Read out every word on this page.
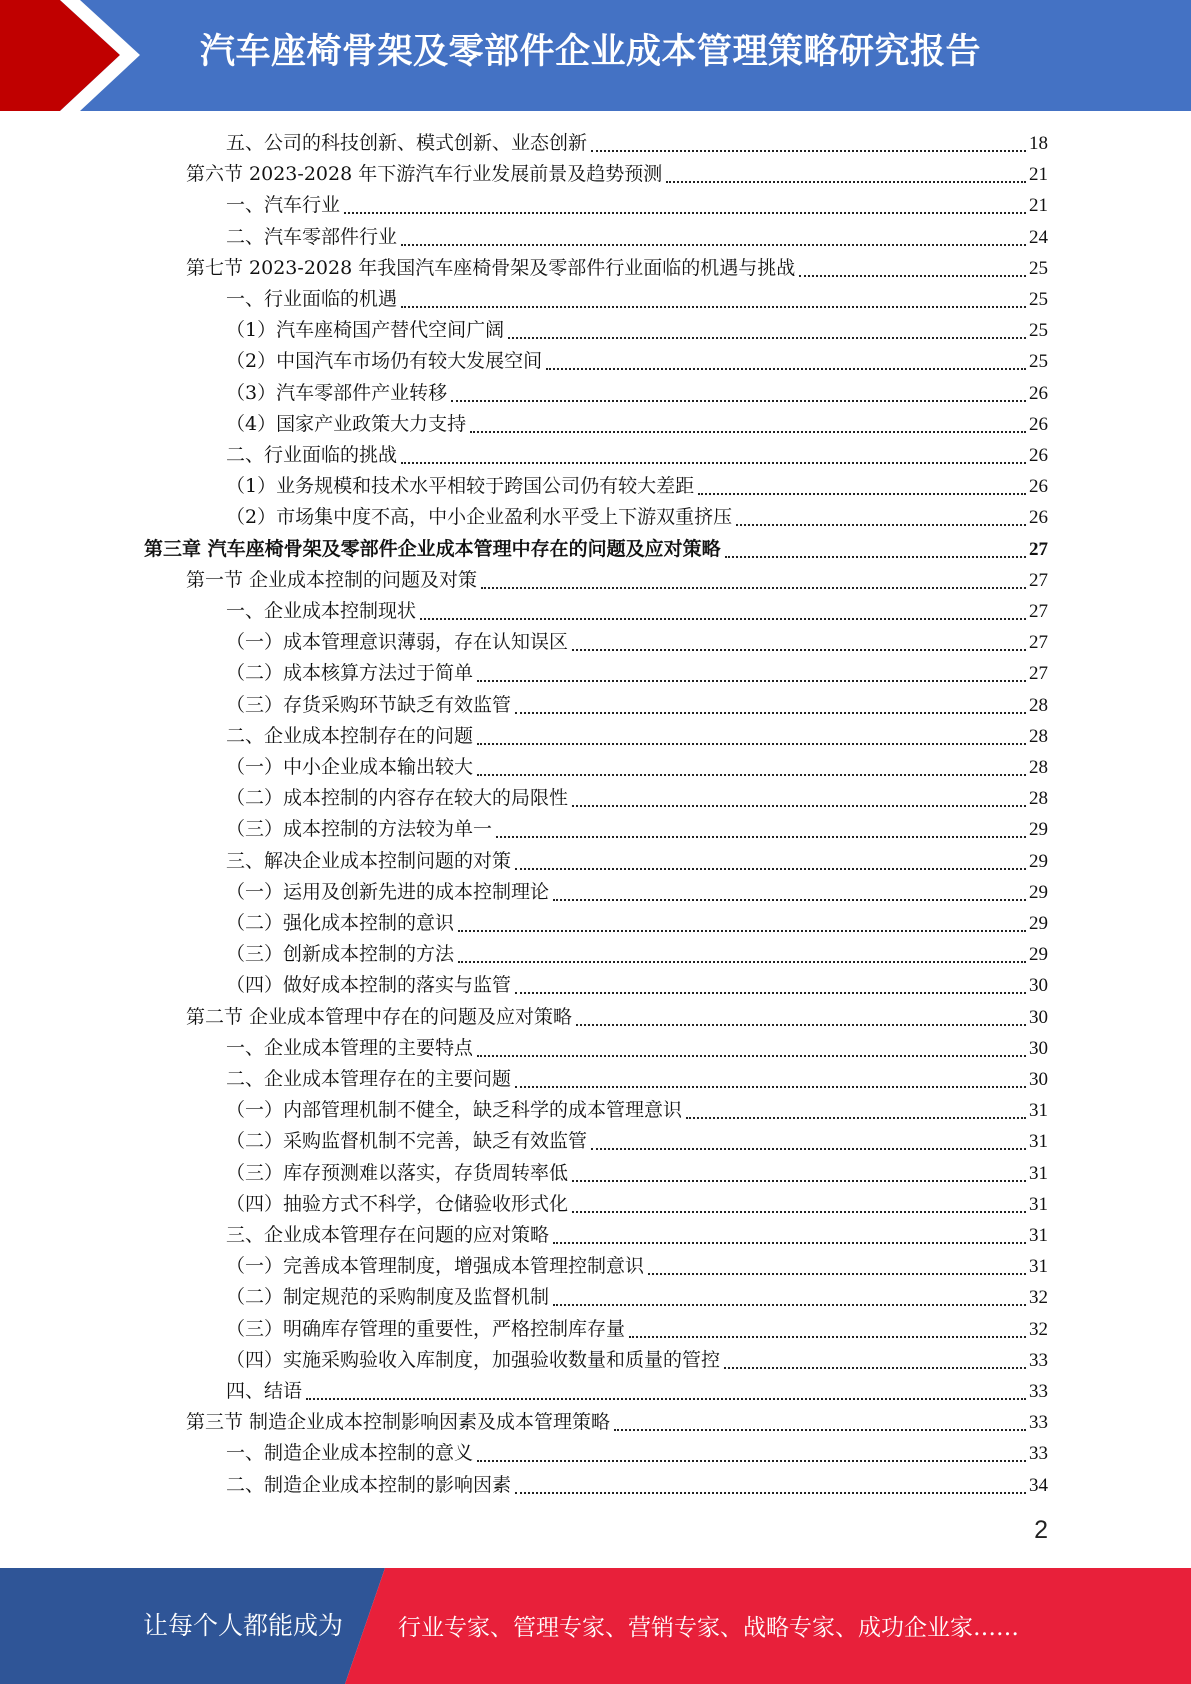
汽车座椅骨架及零部件企业成本管理策略研究报告
五、公司的科技创新、模式创新、业态创新	18
第六节 2023-2028 年下游汽车行业发展前景及趋势预测	21
一、汽车行业	21
二、汽车零部件行业	24
第七节 2023-2028 年我国汽车座椅骨架及零部件行业面临的机遇与挑战	25
一、行业面临的机遇	25
（1）汽车座椅国产替代空间广阔	25
（2）中国汽车市场仍有较大发展空间	25
（3）汽车零部件产业转移	26
（4）国家产业政策大力支持	26
二、行业面临的挑战	26
（1）业务规模和技术水平相较于跨国公司仍有较大差距	26
（2）市场集中度不高，中小企业盈利水平受上下游双重挤压	26
第三章 汽车座椅骨架及零部件企业成本管理中存在的问题及应对策略	27
第一节 企业成本控制的问题及对策	27
一、企业成本控制现状	27
（一）成本管理意识薄弱，存在认知误区	27
（二）成本核算方法过于简单	27
（三）存货采购环节缺乏有效监管	28
二、企业成本控制存在的问题	28
（一）中小企业成本输出较大	28
（二）成本控制的内容存在较大的局限性	28
（三）成本控制的方法较为单一	29
三、解决企业成本控制问题的对策	29
（一）运用及创新先进的成本控制理论	29
（二）强化成本控制的意识	29
（三）创新成本控制的方法	29
（四）做好成本控制的落实与监管	30
第二节 企业成本管理中存在的问题及应对策略	30
一、企业成本管理的主要特点	30
二、企业成本管理存在的主要问题	30
（一）内部管理机制不健全，缺乏科学的成本管理意识	31
（二）采购监督机制不完善，缺乏有效监管	31
（三）库存预测难以落实，存货周转率低	31
（四）抽验方式不科学，仓储验收形式化	31
三、企业成本管理存在问题的应对策略	31
（一）完善成本管理制度，增强成本管理控制意识	31
（二）制定规范的采购制度及监督机制	32
（三）明确库存管理的重要性，严格控制库存量	32
（四）实施采购验收入库制度，加强验收数量和质量的管控	33
四、结语	33
第三节 制造企业成本控制影响因素及成本管理策略	33
一、制造企业成本控制的意义	33
二、制造企业成本控制的影响因素	34
2
让每个人都能成为 行业专家、管理专家、营销专家、战略专家、成功企业家……
